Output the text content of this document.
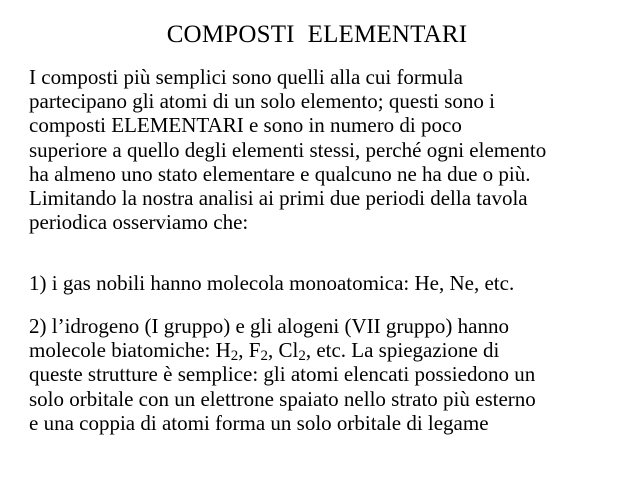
COMPOSTI  ELEMENTARI
I composti più semplici sono quelli alla cui formula
partecipano gli atomi di un solo elemento; questi sono i
composti ELEMENTARI e sono in numero di poco
superiore a quello degli elementi stessi, perché ogni elemento
ha almeno uno stato elementare e qualcuno ne ha due o più.
Limitando la nostra analisi ai primi due periodi della tavola
periodica osserviamo che:
1) i gas nobili hanno molecola monoatomica: He, Ne, etc.
2) l’idrogeno (I gruppo) e gli alogeni (VII gruppo) hanno
molecole biatomiche: $H_2$, $F_2$, $Cl_2$, etc. La spiegazione di
queste strutture è semplice: gli atomi elencati possiedono un
solo orbitale con un elettrone spaiato nello strato più esterno
e una coppia di atomi forma un solo orbitale di legame
